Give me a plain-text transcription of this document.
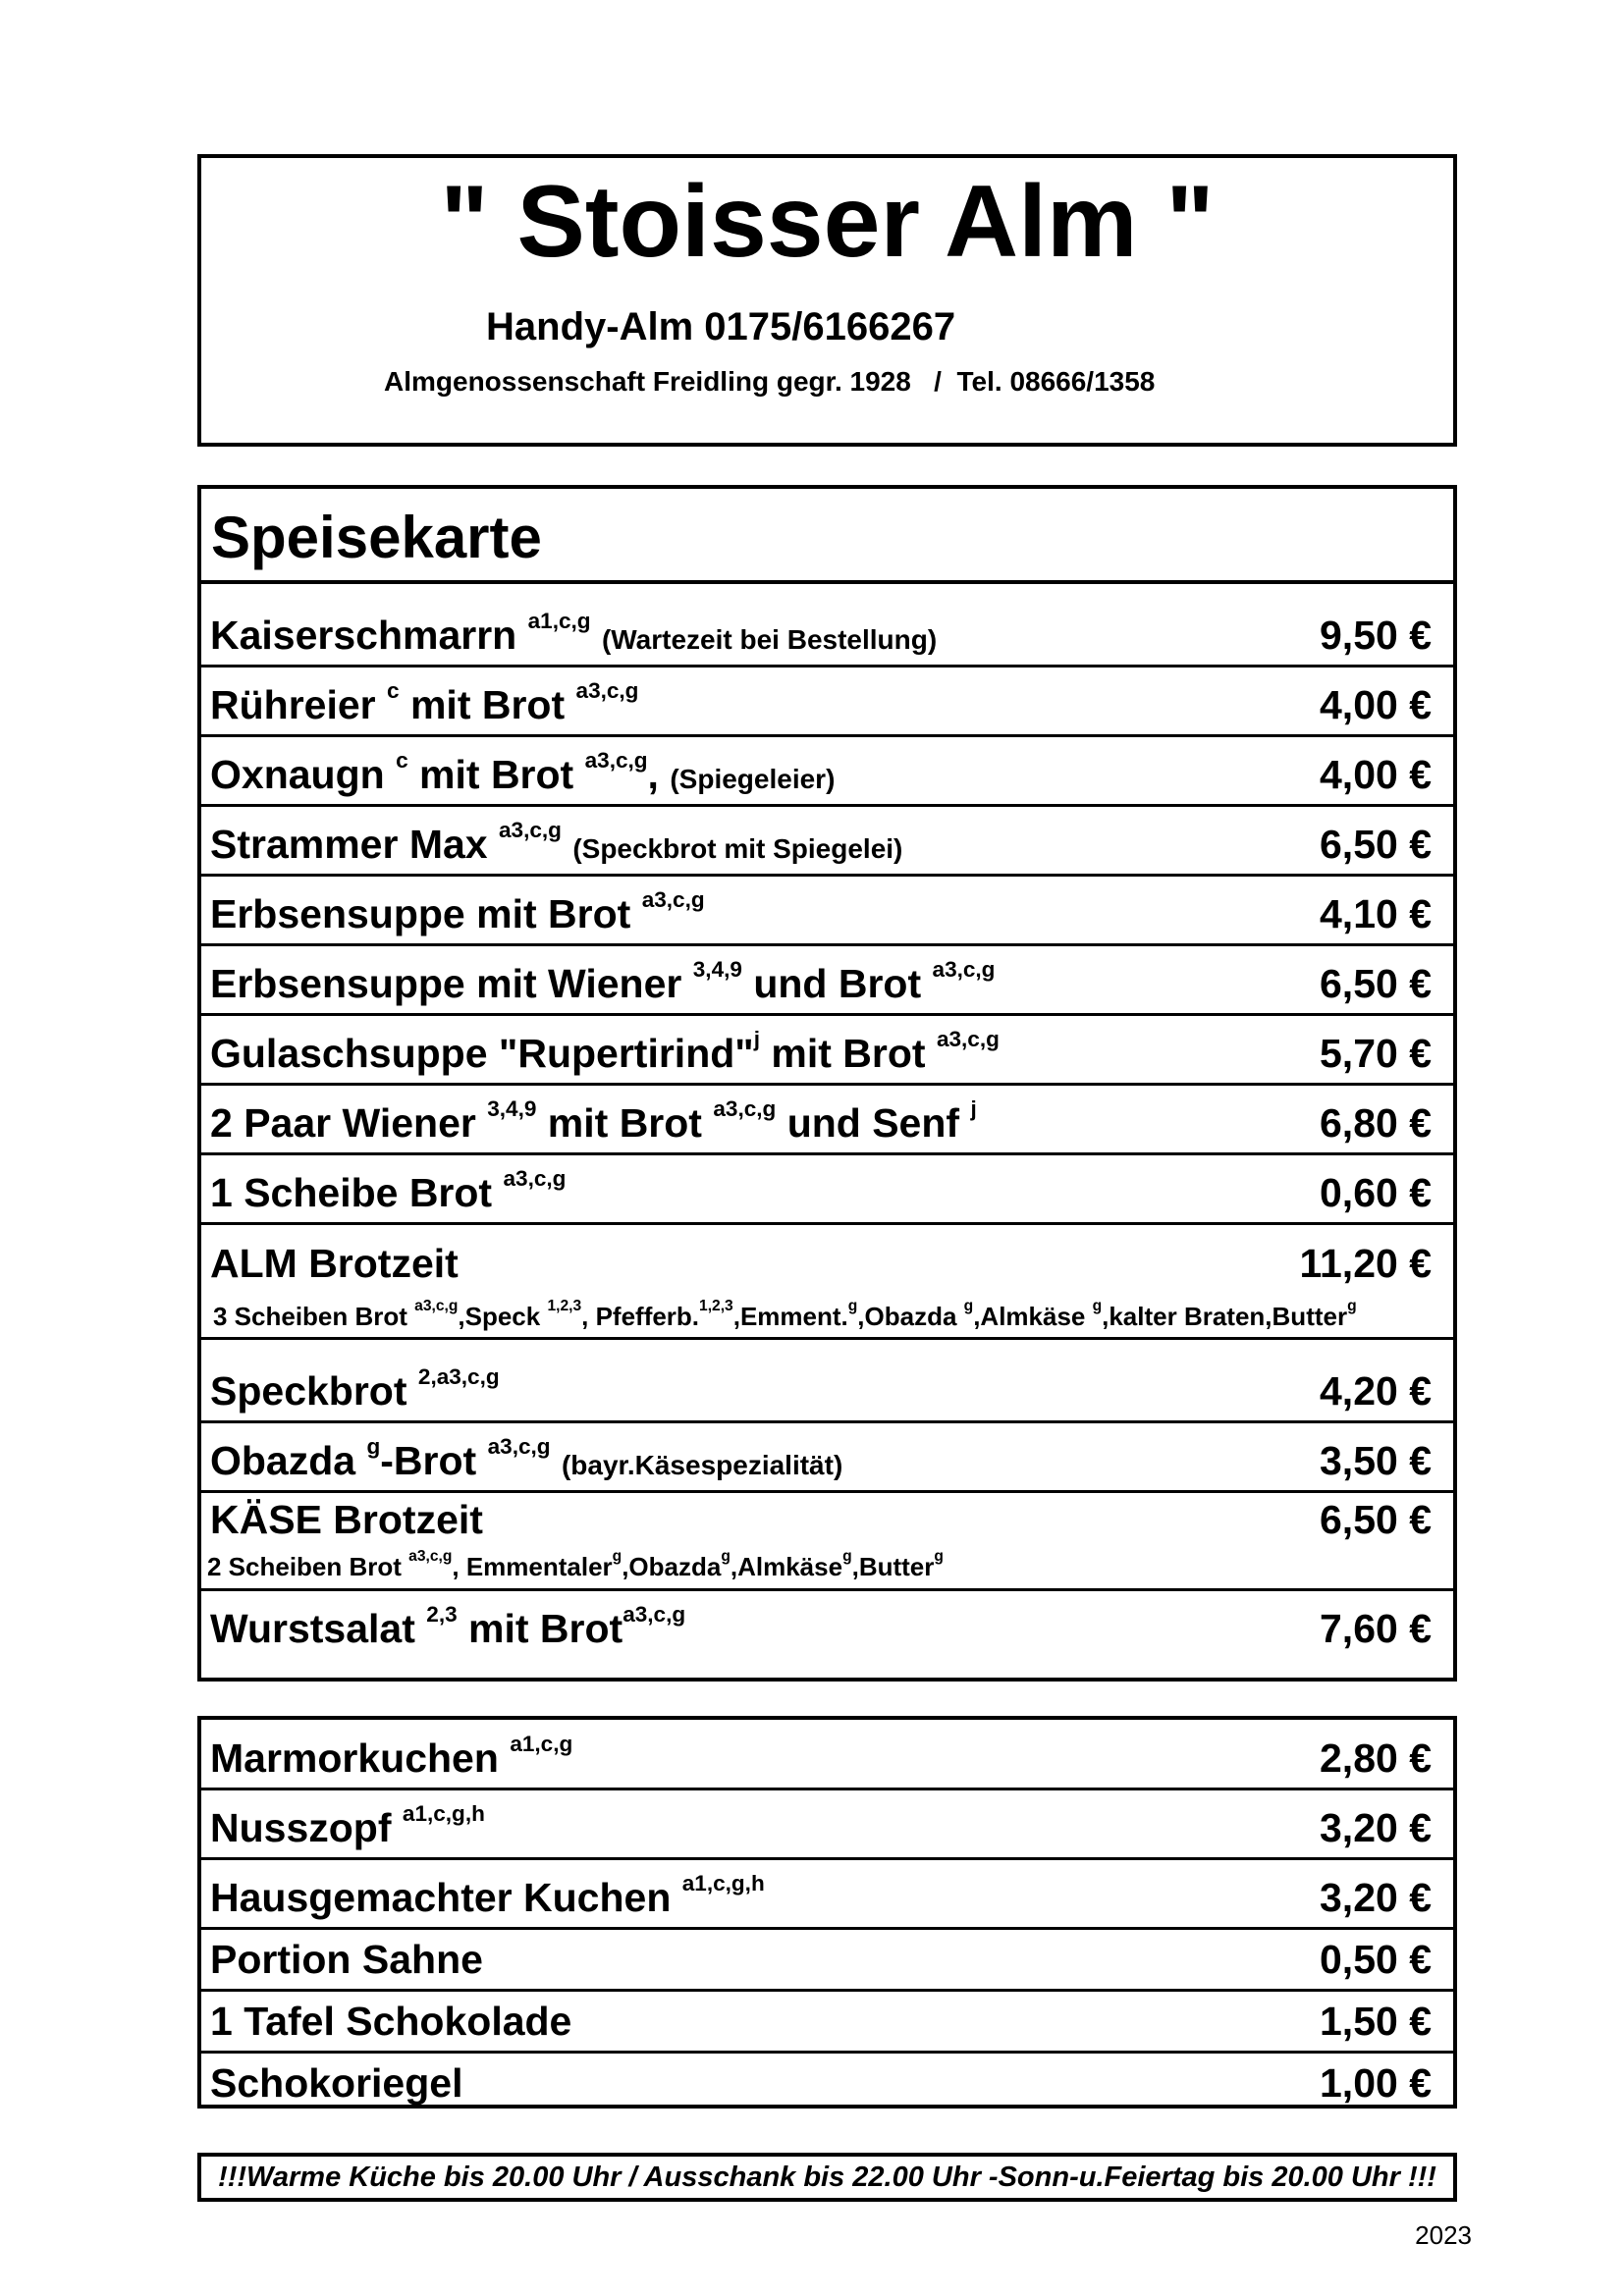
" Stoisser Alm "
Handy-Alm 0175/6166267
Almgenossenschaft Freidling gegr. 1928   /  Tel. 08666/1358
Speisekarte
Kaiserschmarrn $^{a1,c,g}$ (Wartezeit bei Bestellung)	9,50 €
Rühreier $^c$ mit Brot $^{a3,c,g}$	4,00 €
Oxnaugn $^c$ mit Brot $^{a3,c,g}$, (Spiegeleier)	4,00 €
Strammer Max $^{a3,c,g}$ (Speckbrot mit Spiegelei)	6,50 €
Erbsensuppe mit Brot $^{a3,c,g}$	4,10 €
Erbsensuppe mit Wiener $^{3,4,9}$ und Brot $^{a3,c,g}$	6,50 €
Gulaschsuppe "Rupertirind"$^j$ mit Brot $^{a3,c,g}$	5,70 €
2 Paar Wiener $^{3,4,9}$ mit Brot $^{a3,c,g}$ und Senf $^j$	6,80 €
1 Scheibe Brot $^{a3,c,g}$	0,60 €
ALM Brotzeit	11,20 €
3 Scheiben Brot $^{a3,c,g}$,Speck $^{1,2,3}$, Pfefferb.$^{1,2,3}$,Emment.$^g$,Obazda $^g$,Almkäse $^g$,kalter Braten,Butter$^g$
Speckbrot $^{2,a3,c,g}$	4,20 €
Obazda $^g$-Brot $^{a3,c,g}$ (bayr.Käsespezialität)	3,50 €
KÄSE Brotzeit	6,50 €
2 Scheiben Brot $^{a3,c,g}$, Emmentaler$^g$,Obazda$^g$,Almkäse$^g$,Butter$^g$
Wurstsalat $^{2,3}$ mit Brot$^{a3,c,g}$	7,60 €
Marmorkuchen $^{a1,c,g}$	2,80 €
Nusszopf $^{a1,c,g,h}$	3,20 €
Hausgemachter Kuchen $^{a1,c,g,h}$	3,20 €
Portion Sahne	0,50 €
1 Tafel Schokolade	1,50 €
Schokoriegel	1,00 €
!!!Warme Küche bis 20.00 Uhr / Ausschank bis 22.00 Uhr -Sonn-u.Feiertag bis 20.00 Uhr !!!
2023
